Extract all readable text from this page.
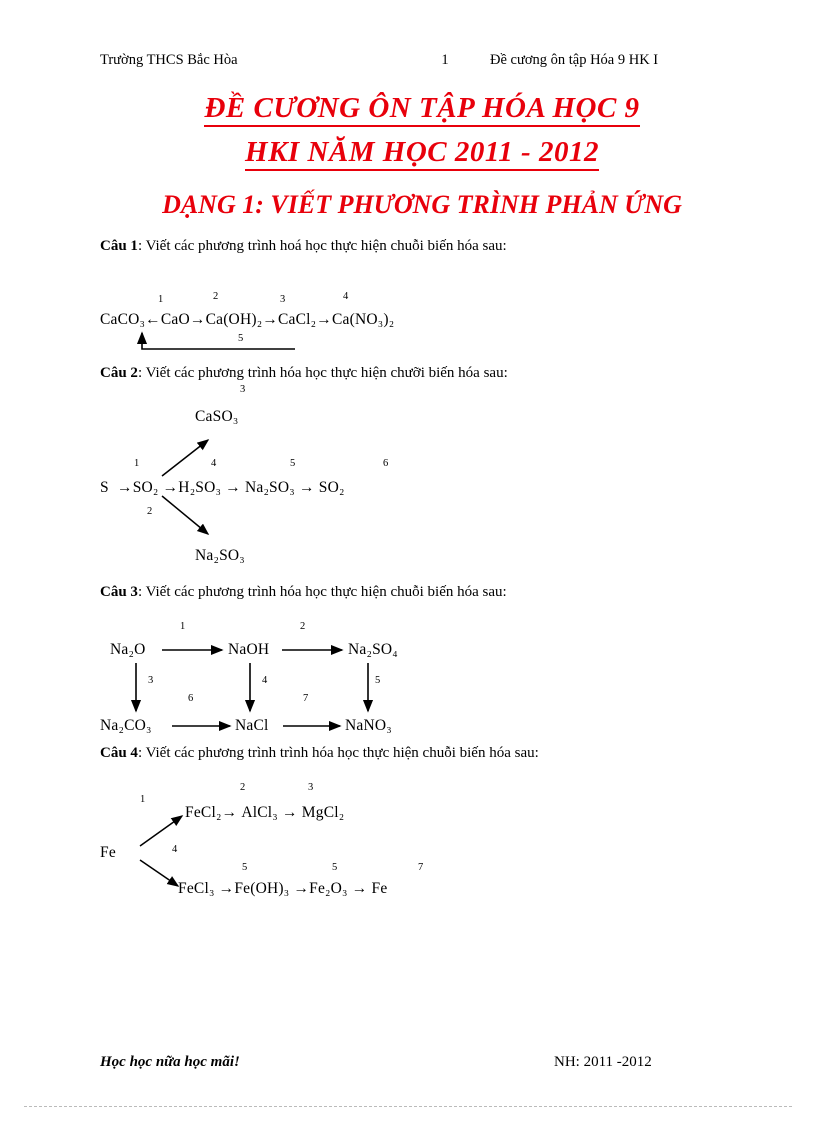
Trường THCS Bắc Hòa	1	Đề cương ôn tập Hóa 9 HK I
ĐỀ CƯƠNG ÔN TẬP HÓA HỌC 9
HKI NĂM HỌC 2011 - 2012
DẠNG 1: VIẾT PHƯƠNG TRÌNH PHẢN ỨNG
Câu 1: Viết các phương trình hoá học thực hiện chuỗi biến hóa sau:
CaCO₃←CaO→Ca(OH)₂→CaCl₂→Ca(NO₃)₂
1	2	3	4
5
Câu 2: Viết các phương trình hóa học thực hiện chưỡi biến hóa sau:
3
CaSO₃
S →SO₂ →H₂SO₃ → Na₂SO₃ → SO₂
1	4	5	6
2
Na₂SO₃
Câu 3: Viết các phương trình hóa học thực hiện chuỗi biến hóa sau:
Na₂O	NaOH	Na₂SO₄
Na₂CO₃	NaCl	NaNO₃
1	2
3	4	5
6	7
Câu 4: Viết các phương trình trình hóa học thực hiện chuỗi biến hóa sau:
1
2	3
4
Fe
FeCl₂→ AlCl₃ → MgCl₂
5	5	7
FeCl₃ →Fe(OH)₃ →Fe₂O₃ → Fe
Học học nữa học mãi!	NH: 2011 -2012
